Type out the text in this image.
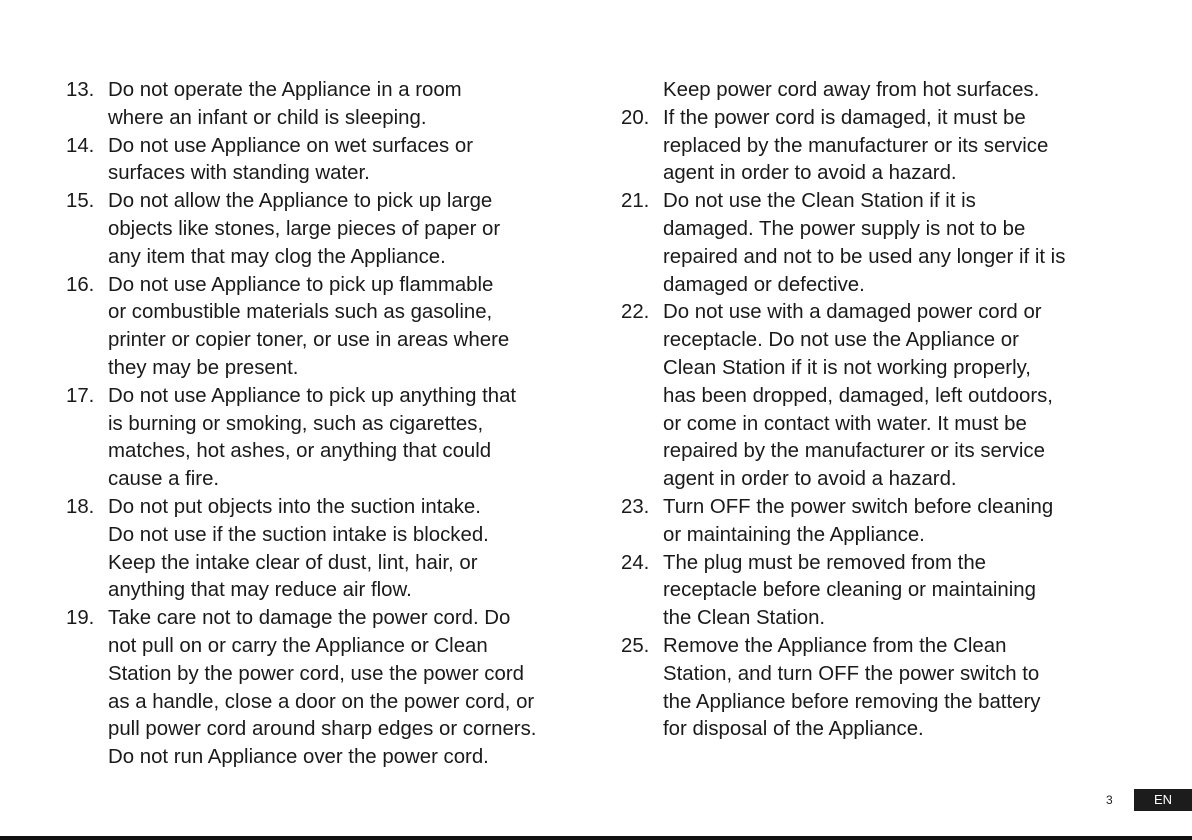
13. Do not operate the Appliance in a room
where an infant or child is sleeping.
14. Do not use Appliance on wet surfaces or
surfaces with standing water.
15. Do not allow the Appliance to pick up large
objects like stones, large pieces of paper or
any item that may clog the Appliance.
16. Do not use Appliance to pick up flammable
or combustible materials such as gasoline,
printer or copier toner, or use in areas where
they may be present.
17. Do not use Appliance to pick up anything that
is burning or smoking, such as cigarettes,
matches, hot ashes, or anything that could
cause a fire.
18. Do not put objects into the suction intake.
Do not use if the suction intake is blocked.
Keep the intake clear of dust, lint, hair, or
anything that may reduce air flow.
19. Take care not to damage the power cord. Do
not pull on or carry the Appliance or Clean
Station by the power cord, use the power cord
as a handle, close a door on the power cord, or
pull power cord around sharp edges or corners.
Do not run Appliance over the power cord.
Keep power cord away from hot surfaces.
20. If the power cord is damaged, it must be
replaced by the manufacturer or its service
agent in order to avoid a hazard.
21. Do not use the Clean Station if it is
damaged. The power supply is not to be
repaired and not to be used any longer if it is
damaged or defective.
22. Do not use with a damaged power cord or
receptacle. Do not use the Appliance or
Clean Station if it is not working properly,
has been dropped, damaged, left outdoors,
or come in contact with water. It must be
repaired by the manufacturer or its service
agent in order to avoid a hazard.
23. Turn OFF the power switch before cleaning
or maintaining the Appliance.
24. The plug must be removed from the
receptacle before cleaning or maintaining
the Clean Station.
25. Remove the Appliance from the Clean
Station, and turn OFF the power switch to
the Appliance before removing the battery
for disposal of the Appliance.
3	EN
